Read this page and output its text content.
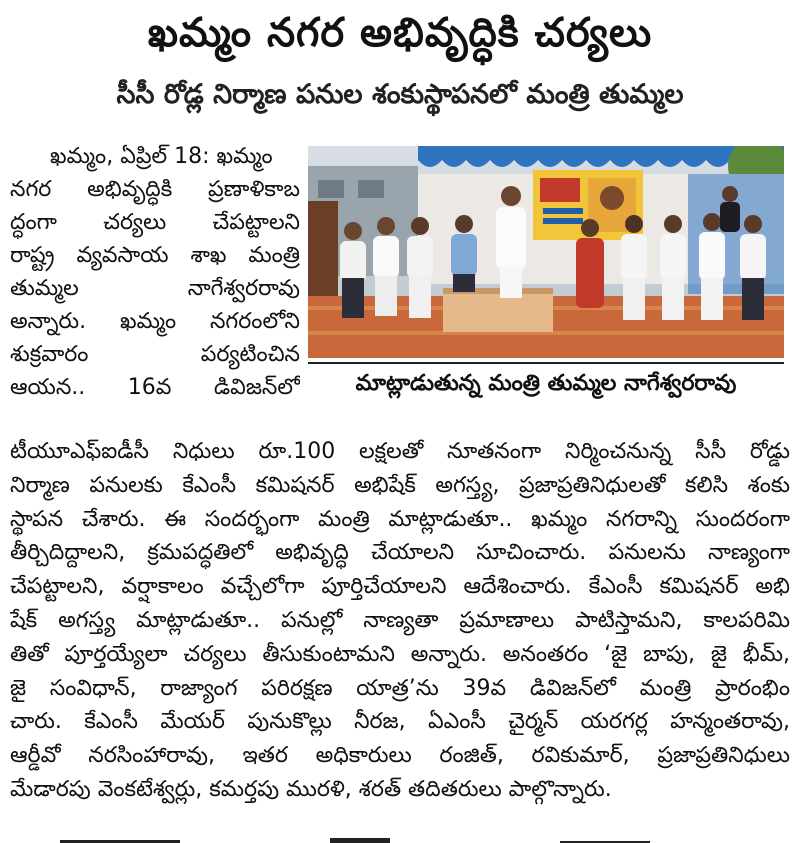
ఖమ్మం నగర అభివృద్ధికి చర్యలు
సీసీ రోడ్ల నిర్మాణ పనుల శంకుస్థాపనలో మంత్రి తుమ్మల
ఖమ్మం, ఏప్రిల్ 18: ఖమ్మం
నగర అభివృద్ధికి ప్రణాళికాబ
ద్ధంగా చర్యలు చేపట్టాలని
రాష్ట్ర వ్యవసాయ శాఖ మంత్రి
తుమ్మల నాగేశ్వరరావు
అన్నారు. ఖమ్మం నగరంలోని
శుక్రవారం పర్యటించిన
ఆయన.. 16వ డివిజన్‌లో	మాట్లాడుతున్న మంత్రి తుమ్మల నాగేశ్వరరావు
టీయూఎఫ్ఐడీసీ నిధులు రూ.100 లక్షలతో నూతనంగా నిర్మించనున్న సీసీ రోడ్డు
నిర్మాణ పనులకు కేఎంసీ కమిషనర్ అభిషేక్ అగస్త్య, ప్రజాప్రతినిధులతో కలిసి శంకు
స్థాపన చేశారు. ఈ సందర్భంగా మంత్రి మాట్లాడుతూ.. ఖమ్మం నగరాన్ని సుందరంగా
తీర్చిదిద్దాలని, క్రమపద్ధతిలో అభివృద్ధి చేయాలని సూచించారు. పనులను నాణ్యంగా
చేపట్టాలని, వర్షాకాలం వచ్చేలోగా పూర్తిచేయాలని ఆదేశించారు. కేఎంసీ కమిషనర్ అభి
షేక్ అగస్త్య మాట్లాడుతూ.. పనుల్లో నాణ్యతా ప్రమాణాలు పాటిస్తామని, కాలపరిమి
తితో పూర్తయ్యేలా చర్యలు తీసుకుంటామని అన్నారు. అనంతరం ‘జై బాపు, జై భీమ్,
జై సంవిధాన్, రాజ్యాంగ పరిరక్షణ యాత్ర’ను 39వ డివిజన్‌లో మంత్రి ప్రారంభిం
చారు. కేఎంసీ మేయర్ పునుకొల్లు నీరజ, ఏఎంసీ చైర్మన్ యరగర్ల హన్మంతరావు,
ఆర్డీవో నరసింహారావు, ఇతర అధికారులు రంజిత్, రవికుమార్, ప్రజాప్రతినిధులు
మేడారపు వెంకటేశ్వర్లు, కమర్తపు మురళి, శరత్ తదితరులు పాల్గొన్నారు.
